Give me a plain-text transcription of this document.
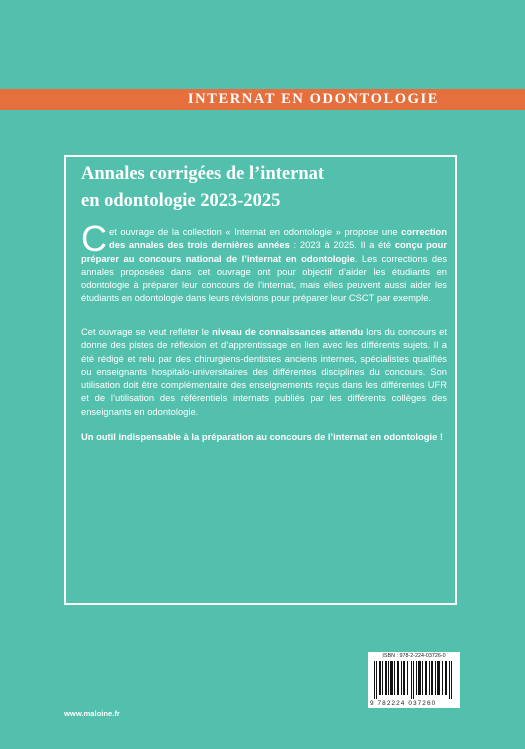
INTERNAT EN ODONTOLOGIE
Annales corrigées de l’internat
en odontologie 2023-2025

Cet ouvrage de la collection « Internat en odontologie » propose une correction des annales des trois dernières années : 2023 à 2025. Il a été conçu pour préparer au concours national de l’internat en odontologie. Les corrections des annales proposées dans cet ouvrage ont pour objectif d’aider les étudiants en odontologie à préparer leur concours de l’internat, mais elles peuvent aussi aider les étudiants en odontologie dans leurs révisions pour préparer leur CSCT par exemple.

Cet ouvrage se veut refléter le niveau de connaissances attendu lors du concours et donne des pistes de réflexion et d’apprentissage en lien avec les différents sujets. Il a été rédigé et relu par des chirurgiens-dentistes anciens internes, spécialistes qualifiés ou enseignants hospitalo-universitaires des différentes disciplines du concours. Son utilisation doit être complémentaire des enseignements reçus dans les différentes UFR et de l’utilisation des référentiels internats publiés par les différents collèges des enseignants en odontologie.

Un outil indispensable à la préparation au concours de l’internat en odontologie !

ISBN : 978-2-224-03726-0
9 782224 037260
www.maloine.fr
